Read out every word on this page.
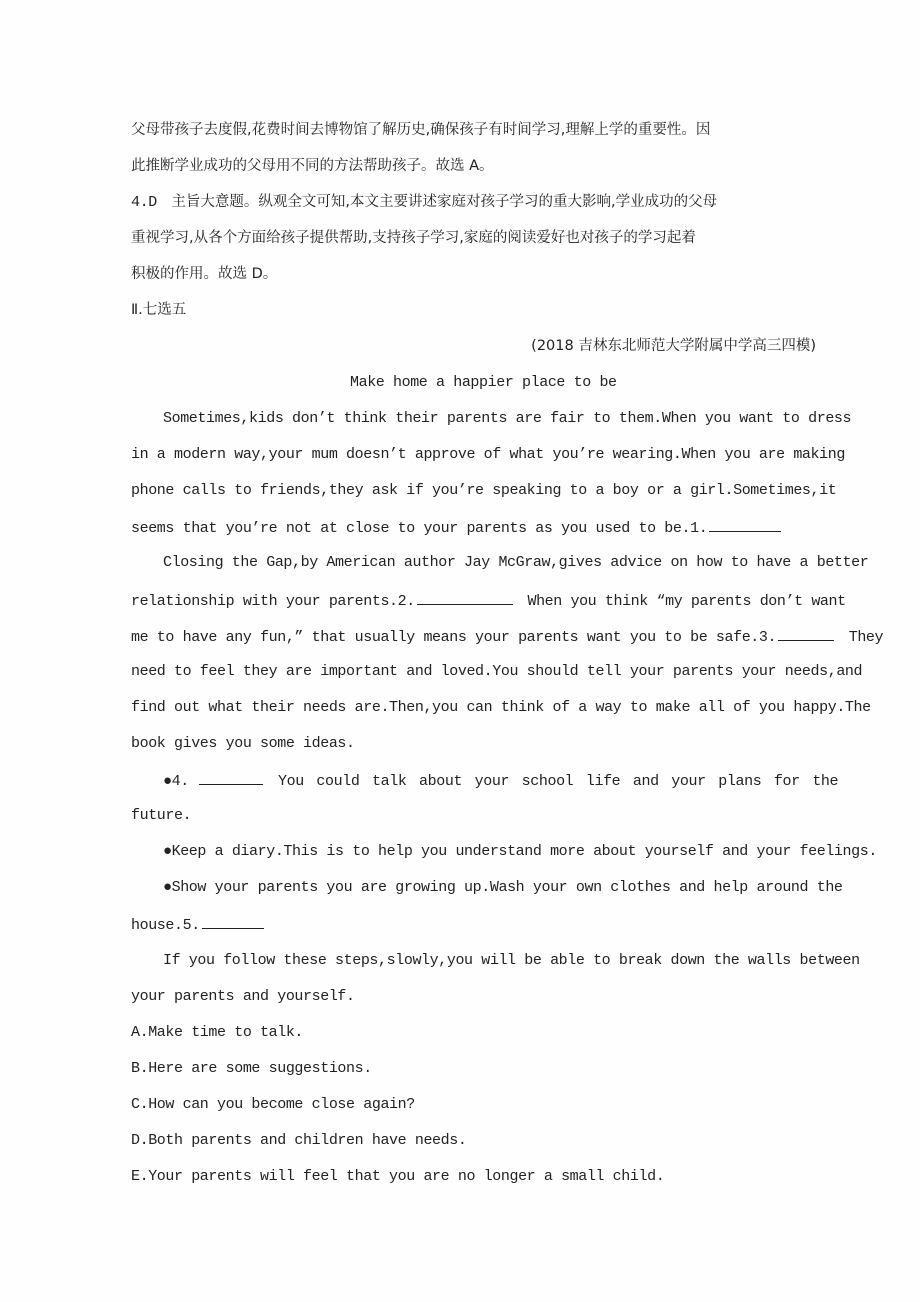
父母带孩子去度假,花费时间去博物馆了解历史,确保孩子有时间学习,理解上学的重要性。因
此推断学业成功的父母用不同的方法帮助孩子。故选 A。
4.D 主旨大意题。纵观全文可知,本文主要讲述家庭对孩子学习的重大影响,学业成功的父母
重视学习,从各个方面给孩子提供帮助,支持孩子学习,家庭的阅读爱好也对孩子的学习起着
积极的作用。故选 D。
Ⅱ.七选五
(2018 吉林东北师范大学附属中学高三四模)
Make home a happier place to be
Sometimes,kids don’t think their parents are fair to them.When you want to dress
in a modern way,your mum doesn’t approve of what you’re wearing.When you are making
phone calls to friends,they ask if you’re speaking to a boy or a girl.Sometimes,it
seems that you’re not at close to your parents as you used to be.1.
Closing the Gap,by American author Jay McGraw,gives advice on how to have a better
relationship with your parents.2.	When you think “my parents don’t want
me to have any fun,” that usually means your parents want you to be safe.3.	They
need to feel they are important and loved.You should tell your parents your needs,and
find out what their needs are.Then,you can think of a way to make all of you happy.The
book gives you some ideas.
●4.	You could talk about your school life and your plans for the
future.
●Keep a diary.This is to help you understand more about yourself and your feelings.
●Show your parents you are growing up.Wash your own clothes and help around the
house.5.
If you follow these steps,slowly,you will be able to break down the walls between
your parents and yourself.
A.Make time to talk.
B.Here are some suggestions.
C.How can you become close again?
D.Both parents and children have needs.
E.Your parents will feel that you are no longer a small child.
